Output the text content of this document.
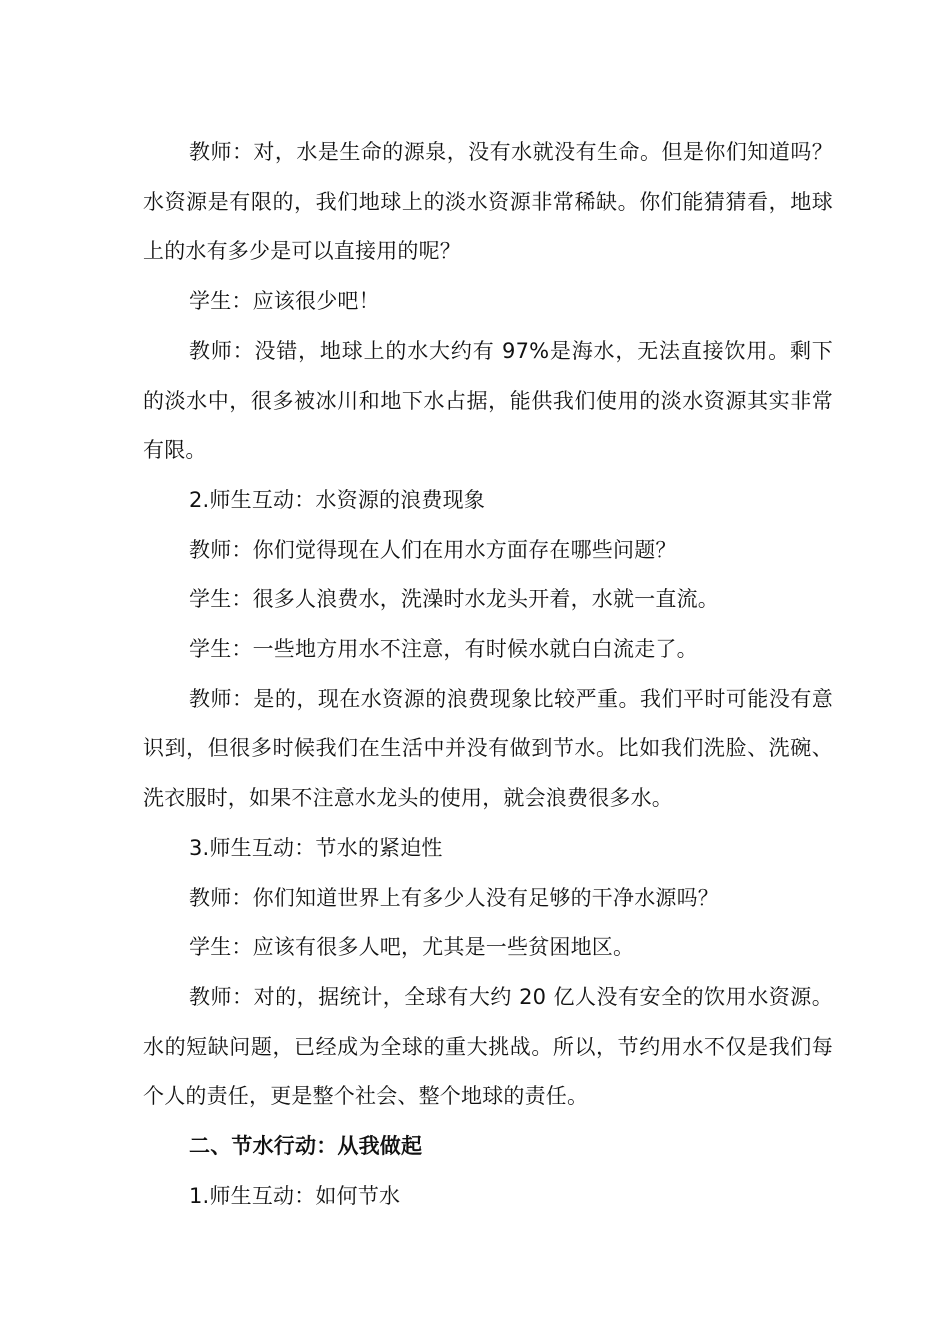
教师：对，水是生命的源泉，没有水就没有生命。但是你们知道吗？水资源是有限的，我们地球上的淡水资源非常稀缺。你们能猜猜看，地球上的水有多少是可以直接用的呢？

学生：应该很少吧！

教师：没错，地球上的水大约有 97%是海水，无法直接饮用。剩下的淡水中，很多被冰川和地下水占据，能供我们使用的淡水资源其实非常有限。

2.师生互动：水资源的浪费现象

教师：你们觉得现在人们在用水方面存在哪些问题？

学生：很多人浪费水，洗澡时水龙头开着，水就一直流。

学生：一些地方用水不注意，有时候水就白白流走了。

教师：是的，现在水资源的浪费现象比较严重。我们平时可能没有意识到，但很多时候我们在生活中并没有做到节水。比如我们洗脸、洗碗、洗衣服时，如果不注意水龙头的使用，就会浪费很多水。

3.师生互动：节水的紧迫性

教师：你们知道世界上有多少人没有足够的干净水源吗？

学生：应该有很多人吧，尤其是一些贫困地区。

教师：对的，据统计，全球有大约 20 亿人没有安全的饮用水资源。水的短缺问题，已经成为全球的重大挑战。所以，节约用水不仅是我们每个人的责任，更是整个社会、整个地球的责任。

二、节水行动：从我做起

1.师生互动：如何节水
